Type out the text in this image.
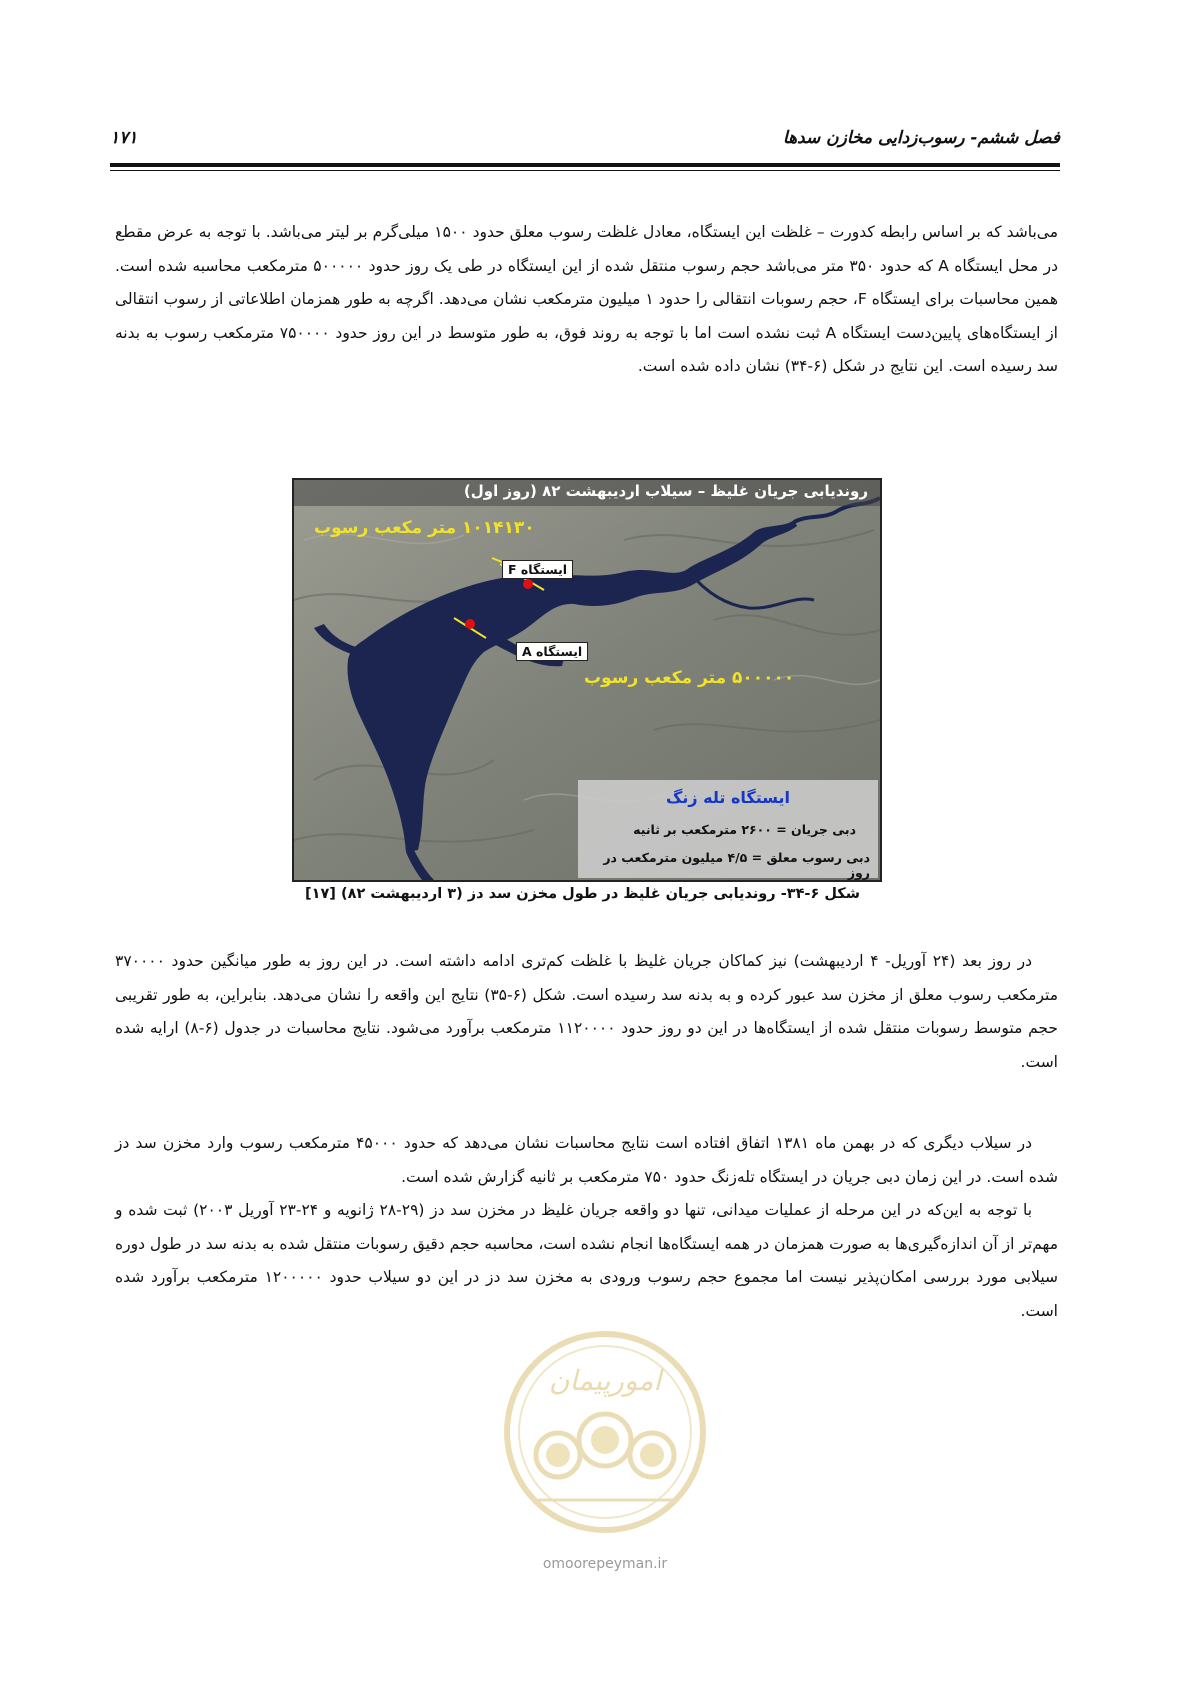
فصل ششم- رسوب‌زدایی مخازن سدها
۱۷۱

می‌باشد که بر اساس رابطه کدورت – غلظت این ایستگاه، معادل غلظت رسوب معلق حدود ۱۵۰۰ میلی‌گرم بر لیتر می‌باشد. با توجه به عرض مقطع در محل ایستگاه A که حدود ۳۵۰ متر می‌باشد حجم رسوب منتقل شده از این ایستگاه در طی یک روز حدود ۵۰۰۰۰۰ مترمکعب محاسبه شده است. همین محاسبات برای ایستگاه F، حجم رسوبات انتقالی را حدود ۱ میلیون مترمکعب نشان می‌دهد. اگرچه به طور همزمان اطلاعاتی از رسوب انتقالی از ایستگاه‌های پایین‌دست ایستگاه A ثبت نشده است اما با توجه به روند فوق، به طور متوسط در این روز حدود ۷۵۰۰۰۰ مترمکعب رسوب به بدنه سد رسیده است. این نتایج در شکل (۶-۳۴) نشان داده شده است.

روندیابی جریان غلیظ – سیلاب اردیبهشت ۸۲ (روز اول)
۱۰۱۴۱۳۰ متر مکعب رسوب
۵۰۰۰۰۰ متر مکعب رسوب
ایستگاه F
ایستگاه A
ایستگاه تله زنگ
دبی جریان = ۲۶۰۰ مترمکعب بر ثانیه
دبی رسوب معلق = ۴/۵ میلیون مترمکعب در روز
شکل ۶-۳۴- روندیابی جریان غلیظ در طول مخزن سد دز (۳ اردیبهشت ۸۲) [۱۷]

در روز بعد (۲۴ آوریل- ۴ اردیبهشت) نیز کماکان جریان غلیظ با غلظت کم‌تری ادامه داشته است. در این روز به طور میانگین حدود ۳۷۰۰۰۰ مترمکعب رسوب معلق از مخزن سد عبور کرده و به بدنه سد رسیده است. شکل (۶-۳۵) نتایج این واقعه را نشان می‌دهد. بنابراین، به طور تقریبی حجم متوسط رسوبات منتقل شده از ایستگاه‌ها در این دو روز حدود ۱۱۲۰۰۰۰ مترمکعب برآورد می‌شود. نتایج محاسبات در جدول (۶-۸) ارایه شده است.

در سیلاب دیگری که در بهمن ماه ۱۳۸۱ اتفاق افتاده است نتایج محاسبات نشان می‌دهد که حدود ۴۵۰۰۰ مترمکعب رسوب وارد مخزن سد دز شده است. در این زمان دبی جریان در ایستگاه تله‌زنگ حدود ۷۵۰ مترمکعب بر ثانیه گزارش شده است.

با توجه به این‌که در این مرحله از عملیات میدانی، تنها دو واقعه جریان غلیظ در مخزن سد دز (۲۹-۲۸ ژانویه و ۲۴-۲۳ آوریل ۲۰۰۳) ثبت شده و مهم‌تر از آن اندازه‌گیری‌ها به صورت همزمان در همه ایستگاه‌ها انجام نشده است، محاسبه حجم دقیق رسوبات منتقل شده به بدنه سد در طول دوره سیلابی مورد بررسی امکان‌پذیر نیست اما مجموع حجم رسوب ورودی به مخزن سد دز در این دو سیلاب حدود ۱۲۰۰۰۰۰ مترمکعب برآورد شده است.

امورپیمان
omoorepeyman.ir
